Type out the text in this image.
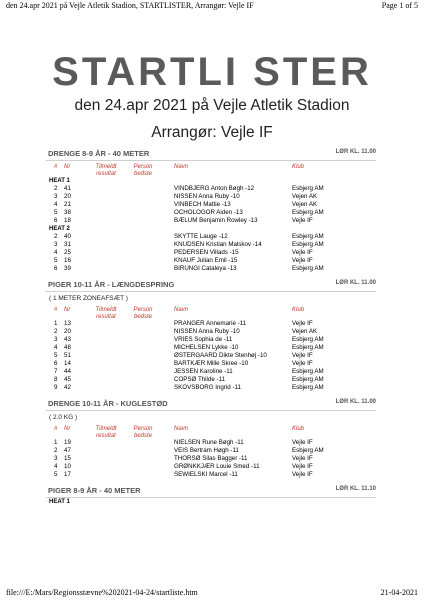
den 24.apr 2021 på Vejle Atletik Stadion, STARTLISTER, Arrangør: Vejle IF	Page 1 of 5
STARTLI STER
den 24.apr 2021 på Vejle Atletik Stadion
Arrangør: Vejle IF
DRENGE 8-9 ÅR - 40 METER	LØR KL. 11.00
# Nr	Tilmeldt resultat
Person bedste
Navn	Klub
HEAT 1
2 41	VINDBJERG Anton Bøgh -12	Esbjerg AM
3 20	NISSEN Anna Ruby -10	Vejen AK
4 21	VINBECH Mattie -13	Vejen AK
5 38	OCHOLOGOR Aiden -13	Esbjerg AM
6 18	BÆLUM Benjamin Rowley -13	Vejle IF
HEAT 2
2 40	SKYTTE Lauge -12	Esbjerg AM
3 31	KNUDSEN Kristian Malskov -14	Esbjerg AM
4 25	PEDERSEN Villads -15	Vejle IF
5 16	KNAUF Julian Emil -15	Vejle IF
6 39	BIRUNGI Cataleya -13	Esbjerg AM
PIGER 10-11 ÅR - LÆNGDESPRING	LØR KL. 11.00
( 1 METER ZONEAFSÆT )
# Nr	Tilmeldt resultat
Person bedste
Navn	Klub
1 13	PRANGER Annemarie -11	Vejle IF
2 20	NISSEN Anna Ruby -10	Vejen AK
3 43	VRIES Sophia de -11	Esbjerg AM
4 48	MICHELSEN Lykke -10	Esbjerg AM
5 51	ØSTERGAARD Dikte Stenhøj -10	Vejle IF
6 14	BARTKÆR Mille Skree -10	Vejle IF
7 44	JESSEN Karoline -11	Esbjerg AM
8 45	COPSØ Thilde -11	Esbjerg AM
9 42	SKOVSBORG Ingrid -11	Esbjerg AM
DRENGE 10-11 ÅR - KUGLESTØD	LØR KL. 11.00
( 2.0 KG )
# Nr	Tilmeldt resultat
Person bedste
Navn	Klub
1 19	NIELSEN Rune Bøgh -11	Vejle IF
2 47	VEIS Bertram Høgh -11	Esbjerg AM
3 15	THORSØ Silas Bagger -11	Vejle IF
4 10	GRØNKKJÆR Louie Smed -11	Vejle IF
5 17	SEWIELSKI Marcel -11	Vejle IF
PIGER 8-9 ÅR - 40 METER	LØR KL. 11.10
HEAT 1
file:///E:/Mars/Regionsstævne%202021-04-24/startliste.htm	21-04-2021
